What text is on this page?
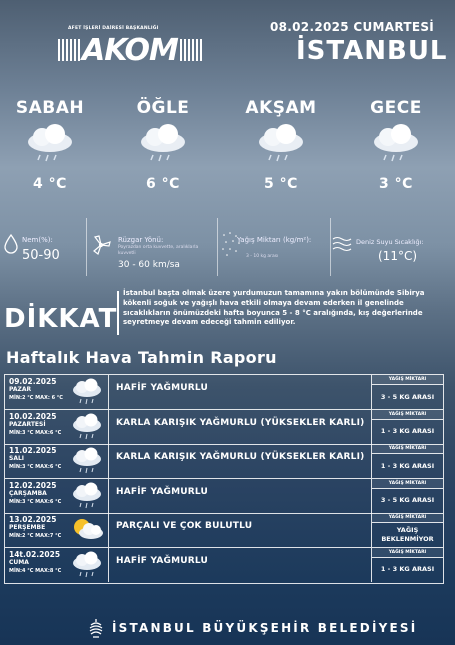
AFET İŞLERİ DAİRESİ BAŞKANLIĞI
AKOM
08.02.2025 CUMARTESİ
İSTANBUL
SABAH
4 °C
ÖĞLE
6 °C
AKŞAM
5 °C
GECE
3 °C
Nem(%):
50-90
Rüzgar Yönü:
Poyrazdan orta kuvvette, aralıklarla kuvvetli
30 - 60 km/sa
Yağış Miktarı (kg/m²):
3 - 10 kg arası
Deniz Suyu Sıcaklığı:
(11°C)
DİKKAT
İstanbul başta olmak üzere yurdumuzun tamamına yakın bölümünde Sibirya kökenli soğuk ve yağışlı hava etkili olmaya devam ederken il genelinde sıcaklıkların önümüzdeki hafta boyunca 5 - 8 °C aralığında, kış değerlerinde seyretmeye devam edeceği tahmin ediliyor.
Haftalık Hava Tahmin Raporu
09.02.2025
PAZAR
MİN:2 °C MAX: 6 °C
HAFİF YAĞMURLU
YAĞIŞ MİKTARI
3 - 5 KG ARASI
10.02.2025
PAZARTESİ
MİN:3 °C MAX:6 °C
KARLA KARIŞIK YAĞMURLU (YÜKSEKLER KARLI)
YAĞIŞ MİKTARI
1 - 3 KG ARASI
11.02.2025
SALI
MİN:3 °C MAX:6 °C
KARLA KARIŞIK YAĞMURLU (YÜKSEKLER KARLI)
YAĞIŞ MİKTARI
1 - 3 KG ARASI
12.02.2025
ÇARŞAMBA
MİN:3 °C MAX:6 °C
HAFİF YAĞMURLU
YAĞIŞ MİKTARI
3 - 5 KG ARASI
13.02.2025
PERŞEMBE
MİN:2 °C MAX:7 °C
PARÇALI VE ÇOK BULUTLU
YAĞIŞ MİKTARI
YAĞIŞ BEKLENMİYOR
14t.02.2025
CUMA
MİN:4 °C MAX:8 °C
HAFİF YAĞMURLU
YAĞIŞ MİKTARI
1 - 3 KG ARASI
İSTANBUL BÜYÜKŞEHİR BELEDİYESİ
